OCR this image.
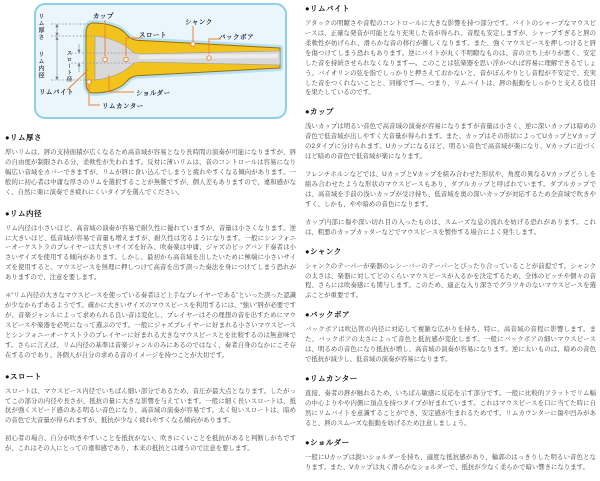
カップ
シャンク
スロート	バックボア
ショルダー
リムカンター
リムバイト
リム厚さ
リム内径	スロート径
●リム厚さ

厚いリムは、唇の支持面積が広くなるため高音域が容易となり長時間の演奏が可能になりますが、唇の自由度が制限される分、柔軟性が失われます。反対に薄いリムは、音のコントロールは容易になり幅広い音域をカバーできますが、リムが唇に食い込んでしまうと疲れやすくなる傾向があります。一般的に初心者は中庸な厚さのリムを選択することが無難ですが、個人差もありますので、違和感がなく、自然に楽に演奏でき疲れにくいタイプを選んでください。

●リム内径

リム内径は小さいほど、高音域の演奏が容易で耐久性に優れていますが、音量は小さくなります。逆に大きいほど、低音域が容易で音量も増えますが、耐久性は劣るようになります。一般にシンフォニーオーケストラのプレイヤーは大きいサイズを好み、吹奏楽は中庸、ジャズのビッグバンド奏者は小さいサイズを使用する傾向があります。しかし、最初から高音域を出したいために極端に小さいサイズを使用すると、マウスピースを無理に押しつけて高音を出す誤った奏法を身につけてしまう恐れがありますので、注意を要します。

＊“リム内径の大きなマウスピースを使っている奏者ほど上手なプレイヤーである”といった誤った認識が少なからずあるようです。確かに大きいサイズのマウスピースを利用するには、“強い”唇が必要ですが、音楽ジャンルによって求められる良い音は変化し、プレイヤーはその理想の音を出すためにマウスピースや楽器を必死になって選ぶのです。一般にジャズプレイヤーに好まれる小さいマウスピースとシンフォニーオーケストラのプレイヤーに好まれる大きなマウスピースとを比較するのは無意味です。さらに言えば、リム内径の基準は音楽ジャンルのみにあるのではなく、奏者自身のなかにこそ存在するのであり、各個人が自分の求める音のイメージを持つことが大切です。

●スロート

スロートは、マウスピース内径でいちばん細い部分であるため、音圧が最大点となります。したがってこの部分の内径や長さが、抵抗の量に大きな影響を与えています。一般に細く長いスロートは、抵抗が強くスピード感のある明るい音色になり、高音域の演奏が容易です。太く短いスロートは、暗めの音色で大音量が得られますが、抵抗が少なく疲れやすくなる傾向があります。

初心者の場合、自分が吹きやすいことを抵抗がない、吹きにくいことを抵抗があると判断しがちですが、これはその人にとっての違和感であり、本来の抵抗とは違うので注意を要します。

●リムバイト

アタックの明瞭さや音程のコントロールに大きな影響を持つ部分です。バイトのシャープなマウスピースは、正確な発音が可能となり充実した音が得られ、音程も安定しますが、シャープすぎると唇の柔軟性が妨げられ、滑らかな音の移行が難しくなります。また、強くマウスピースを押しつけると唇を傷つけてしまう恐れもあります。逆にバイトが丸く不明瞭なものは、音の立ち上がりが悪く、安定した音を持続させられなくなります—。このことは弦楽器を思い浮かべれば容易に理解できるでしょう。バイオリンの弦を指でしっかりと押さえておかないと、音がぼんやりとし音程が不安定で、充実した音をつくれないことと、同様です—。つまり、リムバイトは、唇の振動をしっかりと支える役目を果たしているのです。

●カップ

浅いカップは明るい音色で高音域の演奏が容易になりますが音量は小さく、逆に深いカップは暗めの音色で低音域が出しやすく大音量が得られます。また、カップはその形状によってUカップとVカップの2タイプに分けられます。Uカップになるほど、明るい音色で高音域が楽になり、Vカップに近づくほど暗めの音色で低音域が楽になります。

フレンチホルンなどでは、UカップとVカップを組み合わせた形状や、角度の異なるVカップどうしを組み合わせたような形状のマウスピースもあり、ダブルカップと呼ばれています。ダブルカップでは、高音域を手前の浅いカップが受け持ち、低音域を奥の深いカップが対応するため全音域で吹きやすく、しかも、やや暗めの音色になります。

カップ内部に傷や深い切れ目の入ったものは、スムーズな息の流れを妨げる恐れがあります。これは、粗悪のカップカッターなどでマウスピースを製作する場合によく発生します。

●シャンク

シャンクのテーパーが楽器のレシーバーのテーパーとぴったり合っていることが前提です。シャンクの太さは、楽器に対してどのくらいマウスピースが入るかを決定するため、全体のピッチや個々の音程、さらには吹奏感にも関与します。このため、適正な入り深さでグラツキのないマウスピースを選ぶことが重要です。

●バックボア

バックボアは吹込管の内径に対応して複雑な広がりを持ち、特に、高音域の音程に影響します。また、バックボアの太さによって音色と抵抗感が変化します。一般にバックボアの細いマウスピースは、明るめの音色になり抵抗が増し、高音域の演奏が容易になります。逆に太いものは、暗めの音色で抵抗が減少し、低音域の演奏が容易になります。

●リムカンター

直接、奏者の唇が触れるため、いちばん敏感に反応を示す部分です。一般に比較的フラットでリム幅の中心よりやや内側に頂点を持つタイプが好まれています。これはマウスピースを口に当てた時に自然にリムバイトを意識することができ、安定感が生まれるためです。リムカウンターに傷や凹みがあると、唇のスムーズな振動を妨げるため注意しましょう。

●ショルダー

一般にUカップは鋭いショルダーを持ち、適度な抵抗感があり、輪郭のはっきりした明るい音色となります。また、Vカップは丸く滑らかなショルダーで、抵抗が少なく柔らかで暗い響きになります。
